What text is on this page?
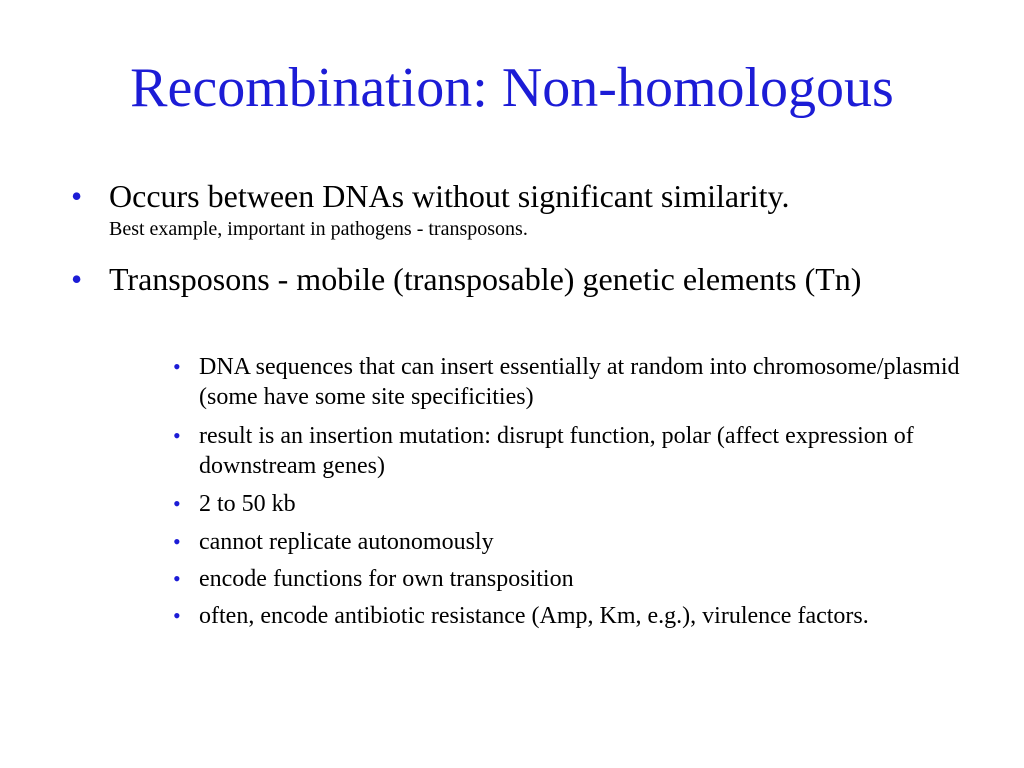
Recombination: Non-homologous
• Occurs between DNAs without significant similarity.
Best example, important in pathogens - transposons.
• Transposons - mobile (transposable) genetic elements (Tn)
• DNA sequences that can insert essentially at random into chromosome/plasmid (some have some site specificities)
• result is an insertion mutation: disrupt function, polar (affect expression of downstream genes)
• 2 to 50 kb
• cannot replicate autonomously
• encode functions for own transposition
• often, encode antibiotic resistance (Amp, Km, e.g.), virulence factors.
